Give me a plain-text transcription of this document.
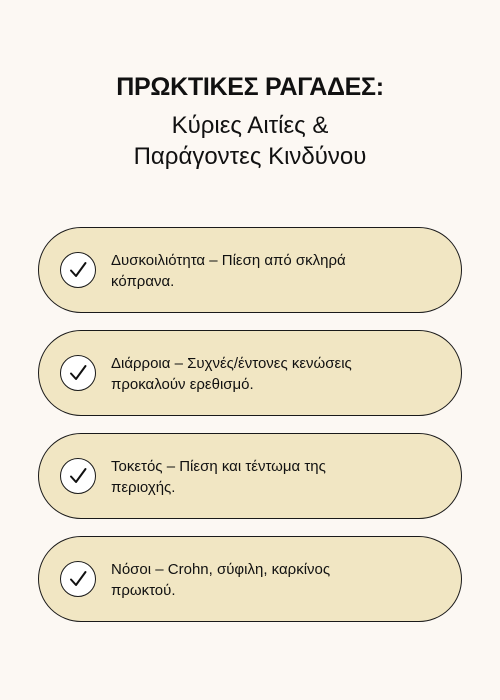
ΠΡΩΚΤΙΚΕΣ ΡΑΓΑΔΕΣ:
Κύριες Αιτίες &
Παράγοντες Κινδύνου

Δυσκοιλιότητα – Πίεση από σκληρά
κόπρανα.

Διάρροια – Συχνές/έντονες κενώσεις
προκαλούν ερεθισμό.

Τοκετός – Πίεση και τέντωμα της
περιοχής.

Νόσοι – Crohn, σύφιλη, καρκίνος
πρωκτού.
